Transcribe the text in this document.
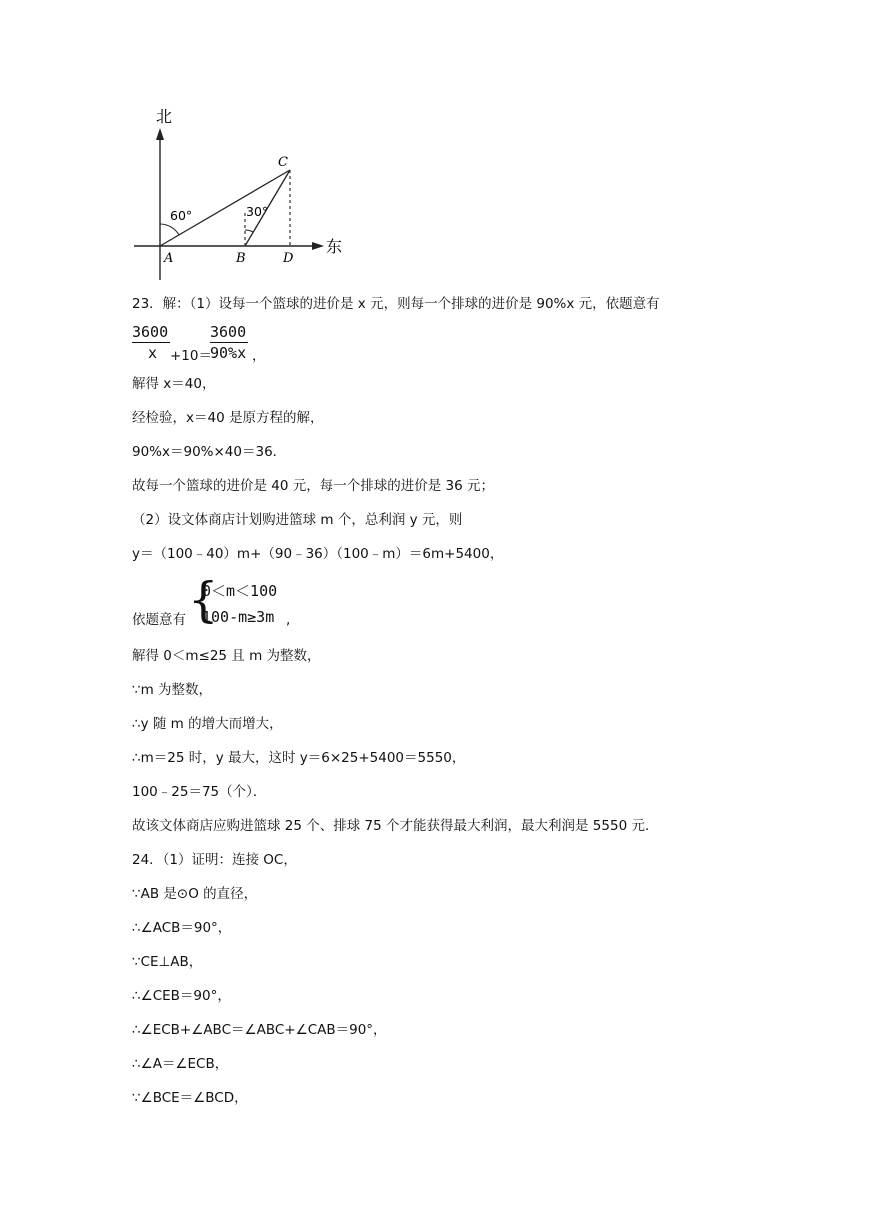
北
东
60°	30°
A	B
C
D
23．解：（1）设每一个篮球的进价是 x 元，则每一个排球的进价是 90%x 元，依题意有
$\frac{3600}{x} +10=$
$\frac{3600}{90\%x}$ ，
解得 x＝40，
经检验，x＝40 是原方程的解，
90%x＝90%×40＝36．
故每一个篮球的进价是 40 元，每一个排球的进价是 36 元；
（2）设文体商店计划购进篮球 m 个，总利润 y 元，则
y＝（100﹣40）m+（90﹣36）（100﹣m）＝6m+5400，
依题意有 {
0＜m＜100
100-m≥3m ,
解得 0＜m≤25 且 m 为整数，
∵m 为整数，
∴y 随 m 的增大而增大，
∴m＝25 时，y 最大，这时 y＝6×25+5400＝5550，
100﹣25＝75（个）．
故该文体商店应购进篮球 25 个、排球 75 个才能获得最大利润，最大利润是 5550 元．
24．（1）证明：连接 OC，
∵AB 是⊙O 的直径，
∴∠ACB＝90°，
∵CE⊥AB，
∴∠CEB＝90°，
∴∠ECB+∠ABC＝∠ABC+∠CAB＝90°，
∴∠A＝∠ECB，
∵∠BCE＝∠BCD，
